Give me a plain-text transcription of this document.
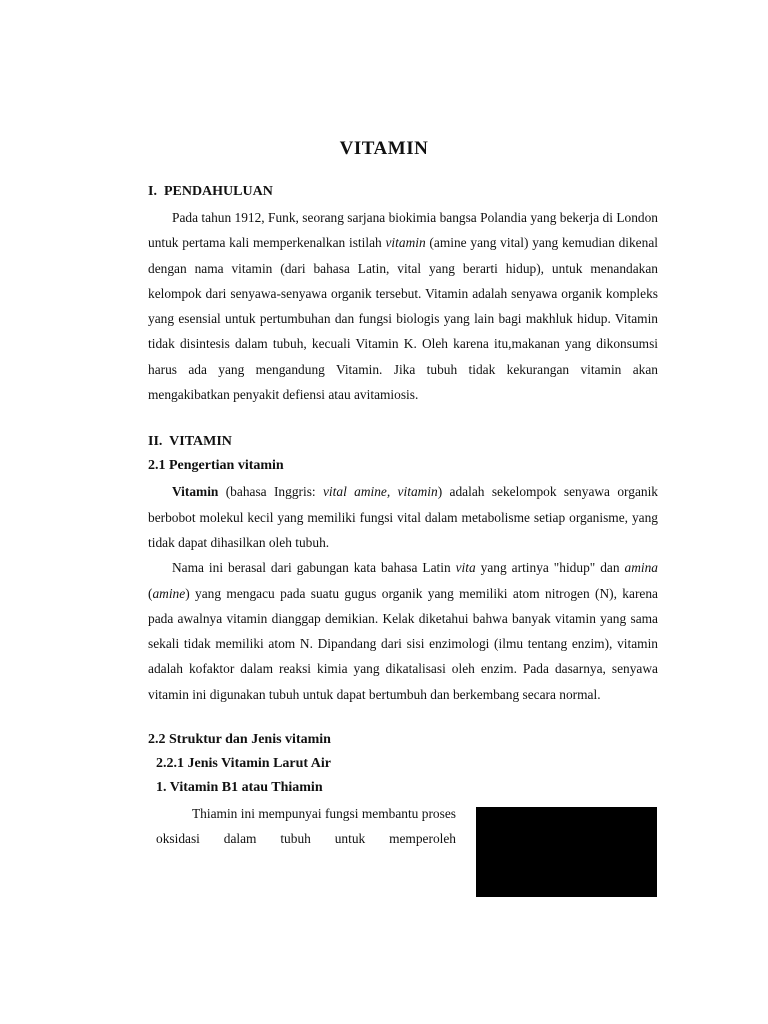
VITAMIN

I.  PENDAHULUAN

Pada tahun 1912, Funk, seorang sarjana biokimia bangsa Polandia yang bekerja di London untuk pertama kali memperkenalkan istilah vitamin (amine yang vital) yang kemudian dikenal dengan nama vitamin (dari bahasa Latin, vital yang berarti hidup), untuk menandakan kelompok dari senyawa-senyawa organik tersebut. Vitamin adalah senyawa organik kompleks yang esensial untuk pertumbuhan dan fungsi biologis yang lain bagi makhluk hidup. Vitamin tidak disintesis dalam tubuh, kecuali Vitamin K. Oleh karena itu,makanan yang dikonsumsi harus ada yang mengandung Vitamin. Jika tubuh tidak kekurangan vitamin akan mengakibatkan penyakit defiensi atau avitamiosis.

II.  VITAMIN

2.1 Pengertian vitamin

Vitamin (bahasa Inggris: vital amine, vitamin) adalah sekelompok senyawa organik berbobot molekul kecil yang memiliki fungsi vital dalam metabolisme setiap organisme, yang tidak dapat dihasilkan oleh tubuh.

Nama ini berasal dari gabungan kata bahasa Latin vita yang artinya "hidup" dan amina (amine) yang mengacu pada suatu gugus organik yang memiliki atom nitrogen (N), karena pada awalnya vitamin dianggap demikian. Kelak diketahui bahwa banyak vitamin yang sama sekali tidak memiliki atom N. Dipandang dari sisi enzimologi (ilmu tentang enzim), vitamin adalah kofaktor dalam reaksi kimia yang dikatalisasi oleh enzim. Pada dasarnya, senyawa vitamin ini digunakan tubuh untuk dapat bertumbuh dan berkembang secara normal.

2.2 Struktur dan Jenis vitamin

2.2.1 Jenis Vitamin Larut Air

1. Vitamin B1 atau Thiamin

Thiamin ini mempunyai fungsi membantu proses oksidasi dalam tubuh untuk memperoleh
